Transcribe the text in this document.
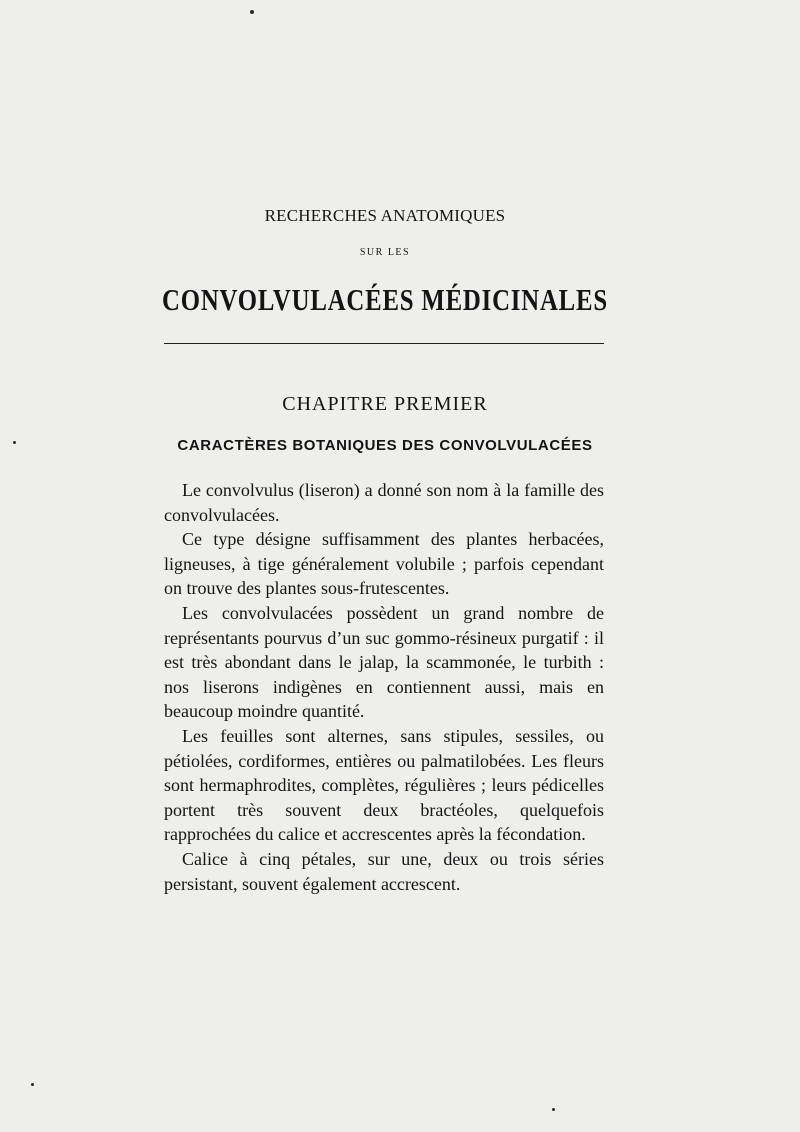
RECHERCHES ANATOMIQUES
SUR LES
CONVOLVULACÉES MÉDICINALES
CHAPITRE PREMIER
CARACTÈRES BOTANIQUES DES CONVOLVULACÉES

Le convolvulus (liseron) a donné son nom à la famille des convolvulacées.

Ce type désigne suffisamment des plantes herbacées, ligneuses, à tige généralement volubile ; parfois cependant on trouve des plantes sous-frutescentes.

Les convolvulacées possèdent un grand nombre de représentants pourvus d’un suc gommo-résineux purgatif : il est très abondant dans le jalap, la scammonée, le turbith : nos liserons indigènes en contiennent aussi, mais en beaucoup moindre quantité.

Les feuilles sont alternes, sans stipules, sessiles, ou pétiolées, cordiformes, entières ou palmatilobées. Les fleurs sont hermaphrodites, complètes, régulières ; leurs pédicelles portent très souvent deux bractéoles, quelquefois rapprochées du calice et accrescentes après la fécondation.

Calice à cinq pétales, sur une, deux ou trois séries persistant, souvent également accrescent.
